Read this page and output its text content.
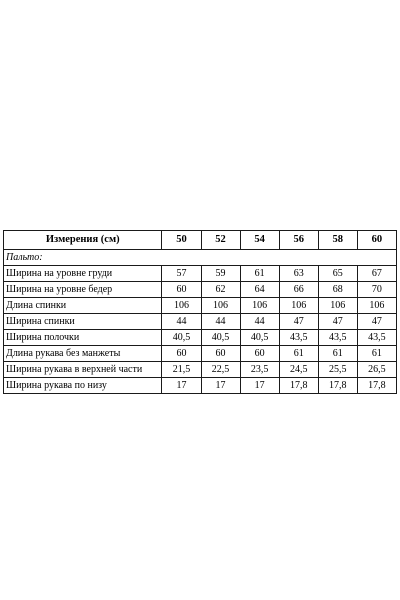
Измерения (см)	50	52	54	56	58	60
Пальто:						
Ширина на уровне груди	57	59	61	63	65	67
Ширина на уровне бедер	60	62	64	66	68	70
Длина спинки	106	106	106	106	106	106
Ширина спинки	44	44	44	47	47	47
Ширина полочки	40,5	40,5	40,5	43,5	43,5	43,5
Длина рукава без манжеты	60	60	60	61	61	61
Ширина рукава в верхней части	21,5	22,5	23,5	24,5	25,5	26,5
Ширина рукава по низу	17	17	17	17,8	17,8	17,8
